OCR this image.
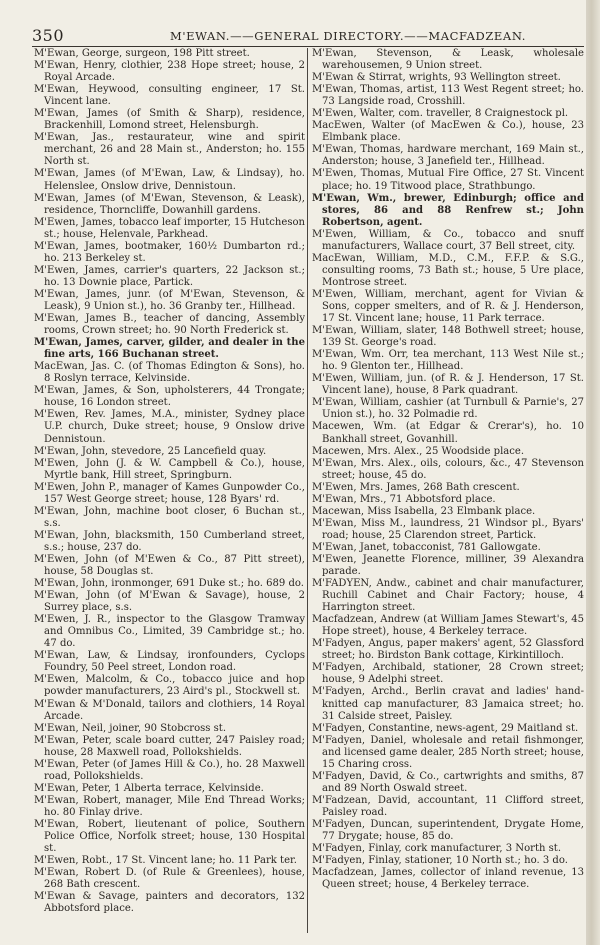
350	M'EWAN.——GENERAL DIRECTORY.——MACFADZEAN.

M'Ewan, George, surgeon, 198 Pitt street.

M'Ewan, Henry, clothier, 238 Hope street; house, 2 Royal Arcade.

M'Ewan, Heywood, consulting engineer, 17 St. Vincent lane.

M'Ewan, James (of Smith & Sharp), residence, Brackenhill, Lomond street, Helensburgh.

M'Ewan, Jas., restaurateur, wine and spirit merchant, 26 and 28 Main st., Anderston; ho. 155 North st.

M'Ewan, James (of M'Ewan, Law, & Lindsay), ho. Helenslee, Onslow drive, Dennistoun.

M'Ewan, James (of M'Ewan, Stevenson, & Leask), residence, Thorncliffe, Dowanhill gardens.

M'Ewen, James, tobacco leaf importer, 15 Hutcheson st.; house, Helenvale, Parkhead.

M'Ewan, James, bootmaker, 160½ Dumbarton rd.; ho. 213 Berkeley st.

M'Ewen, James, carrier's quarters, 22 Jackson st.; ho. 13 Downie place, Partick.

M'Ewan, James, junr. (of M'Ewan, Stevenson, & Leask), 9 Union st.), ho. 36 Granby ter., Hillhead.

M'Ewan, James B., teacher of dancing, Assembly rooms, Crown street; ho. 90 North Frederick st.

M'Ewan, James, carver, gilder, and dealer in the fine arts, 166 Buchanan street.

MacEwan, Jas. C. (of Thomas Edington & Sons), ho. 8 Roslyn terrace, Kelvinside.

M'Ewan, James, & Son, upholsterers, 44 Trongate; house, 16 London street.

M'Ewen, Rev. James, M.A., minister, Sydney place U.P. church, Duke street; house, 9 Onslow drive Dennistoun.

M'Ewan, John, stevedore, 25 Lancefield quay.

M'Ewen, John (J. & W. Campbell & Co.), house, Myrtle bank, Hill street, Springburn.

M'Ewen, John P., manager of Kames Gunpowder Co., 157 West George street; house, 128 Byars' rd.

M'Ewan, John, machine boot closer, 6 Buchan st., s.s.

M'Ewan, John, blacksmith, 150 Cumberland street, s.s.; house, 237 do.

M'Ewen, John (of M'Ewen & Co., 87 Pitt street), house, 58 Douglas st.

M'Ewan, John, ironmonger, 691 Duke st.; ho. 689 do.

M'Ewan, John (of M'Ewan & Savage), house, 2 Surrey place, s.s.

M'Ewen, J. R., inspector to the Glasgow Tramway and Omnibus Co., Limited, 39 Cambridge st.; ho. 47 do.

M'Ewan, Law, & Lindsay, ironfounders, Cyclops Foundry, 50 Peel street, London road.

M'Ewen, Malcolm, & Co., tobacco juice and hop powder manufacturers, 23 Aird's pl., Stockwell st.

M'Ewan & M'Donald, tailors and clothiers, 14 Royal Arcade.

M'Ewan, Neil, joiner, 90 Stobcross st.

M'Ewan, Peter, scale board cutter, 247 Paisley road; house, 28 Maxwell road, Pollokshields.

M'Ewan, Peter (of James Hill & Co.), ho. 28 Maxwell road, Pollokshields.

M'Ewan, Peter, 1 Alberta terrace, Kelvinside.

M'Ewan, Robert, manager, Mile End Thread Works; ho. 80 Finlay drive.

M'Ewan, Robert, lieutenant of police, Southern Police Office, Norfolk street; house, 130 Hospital st.

M'Ewen, Robt., 17 St. Vincent lane; ho. 11 Park ter.

M'Ewan, Robert D. (of Rule & Greenlees), house, 268 Bath crescent.

M'Ewan & Savage, painters and decorators, 132 Abbotsford place.

M'Ewan, Stevenson, & Leask, wholesale warehousemen, 9 Union street.

M'Ewan & Stirrat, wrights, 93 Wellington street.

M'Ewan, Thomas, artist, 113 West Regent street; ho. 73 Langside road, Crosshill.

M'Ewen, Walter, com. traveller, 8 Craignestock pl.

MacEwen, Walter (of MacEwen & Co.), house, 23 Elmbank place.

M'Ewan, Thomas, hardware merchant, 169 Main st., Anderston; house, 3 Janefield ter., Hillhead.

M'Ewen, Thomas, Mutual Fire Office, 27 St. Vincent place; ho. 19 Titwood place, Strathbungo.

M'Ewan, Wm., brewer, Edinburgh; office and stores, 86 and 88 Renfrew st.; John Robertson, agent.

M'Ewen, William, & Co., tobacco and snuff manufacturers, Wallace court, 37 Bell street, city.

MacEwan, William, M.D., C.M., F.F.P. & S.G., consulting rooms, 73 Bath st.; house, 5 Ure place, Montrose street.

M'Ewen, William, merchant, agent for Vivian & Sons, copper smelters, and of R. & J. Henderson, 17 St. Vincent lane; house, 11 Park terrace.

M'Ewan, William, slater, 148 Bothwell street; house, 139 St. George's road.

M'Ewan, Wm. Orr, tea merchant, 113 West Nile st.; ho. 9 Glenton ter., Hillhead.

M'Ewen, William, jun. (of R. & J. Henderson, 17 St. Vincent lane), house, 8 Park quadrant.

M'Ewan, William, cashier (at Turnbull & Parnie's, 27 Union st.), ho. 32 Polmadie rd.

Macewen, Wm. (at Edgar & Crerar's), ho. 10 Bankhall street, Govanhill.

Macewen, Mrs. Alex., 25 Woodside place.

M'Ewan, Mrs. Alex., oils, colours, &c., 47 Stevenson street; house, 45 do.

M'Ewen, Mrs. James, 268 Bath crescent.

M'Ewan, Mrs., 71 Abbotsford place.

Macewan, Miss Isabella, 23 Elmbank place.

M'Ewan, Miss M., laundress, 21 Windsor pl., Byars' road; house, 25 Clarendon street, Partick.

M'Ewan, Janet, tobacconist, 781 Gallowgate.

M'Ewen, Jeanette Florence, milliner, 39 Alexandra parade.

M'FADYEN, Andw., cabinet and chair manufacturer, Ruchill Cabinet and Chair Factory; house, 4 Harrington street.

Macfadzean, Andrew (at William James Stewart's, 45 Hope street), house, 4 Berkeley terrace.

M'Fadyen, Angus, paper makers' agent, 52 Glassford street; ho. Birdston Bank cottage, Kirkintilloch.

M'Fadyen, Archibald, stationer, 28 Crown street; house, 9 Adelphi street.

M'Fadyen, Archd., Berlin cravat and ladies' hand-knitted cap manufacturer, 83 Jamaica street; ho. 31 Calside street, Paisley.

M'Fadyen, Constantine, news-agent, 29 Maitland st.

M'Fadyen, Daniel, wholesale and retail fishmonger, and licensed game dealer, 285 North street; house, 15 Charing cross.

M'Fadyen, David, & Co., cartwrights and smiths, 87 and 89 North Oswald street.

M'Fadzean, David, accountant, 11 Clifford street, Paisley road.

M'Fadyen, Duncan, superintendent, Drygate Home, 77 Drygate; house, 85 do.

M'Fadyen, Finlay, cork manufacturer, 3 North st.

M'Fadyen, Finlay, stationer, 10 North st.; ho. 3 do.

Macfadzean, James, collector of inland revenue, 13 Queen street; house, 4 Berkeley terrace.
